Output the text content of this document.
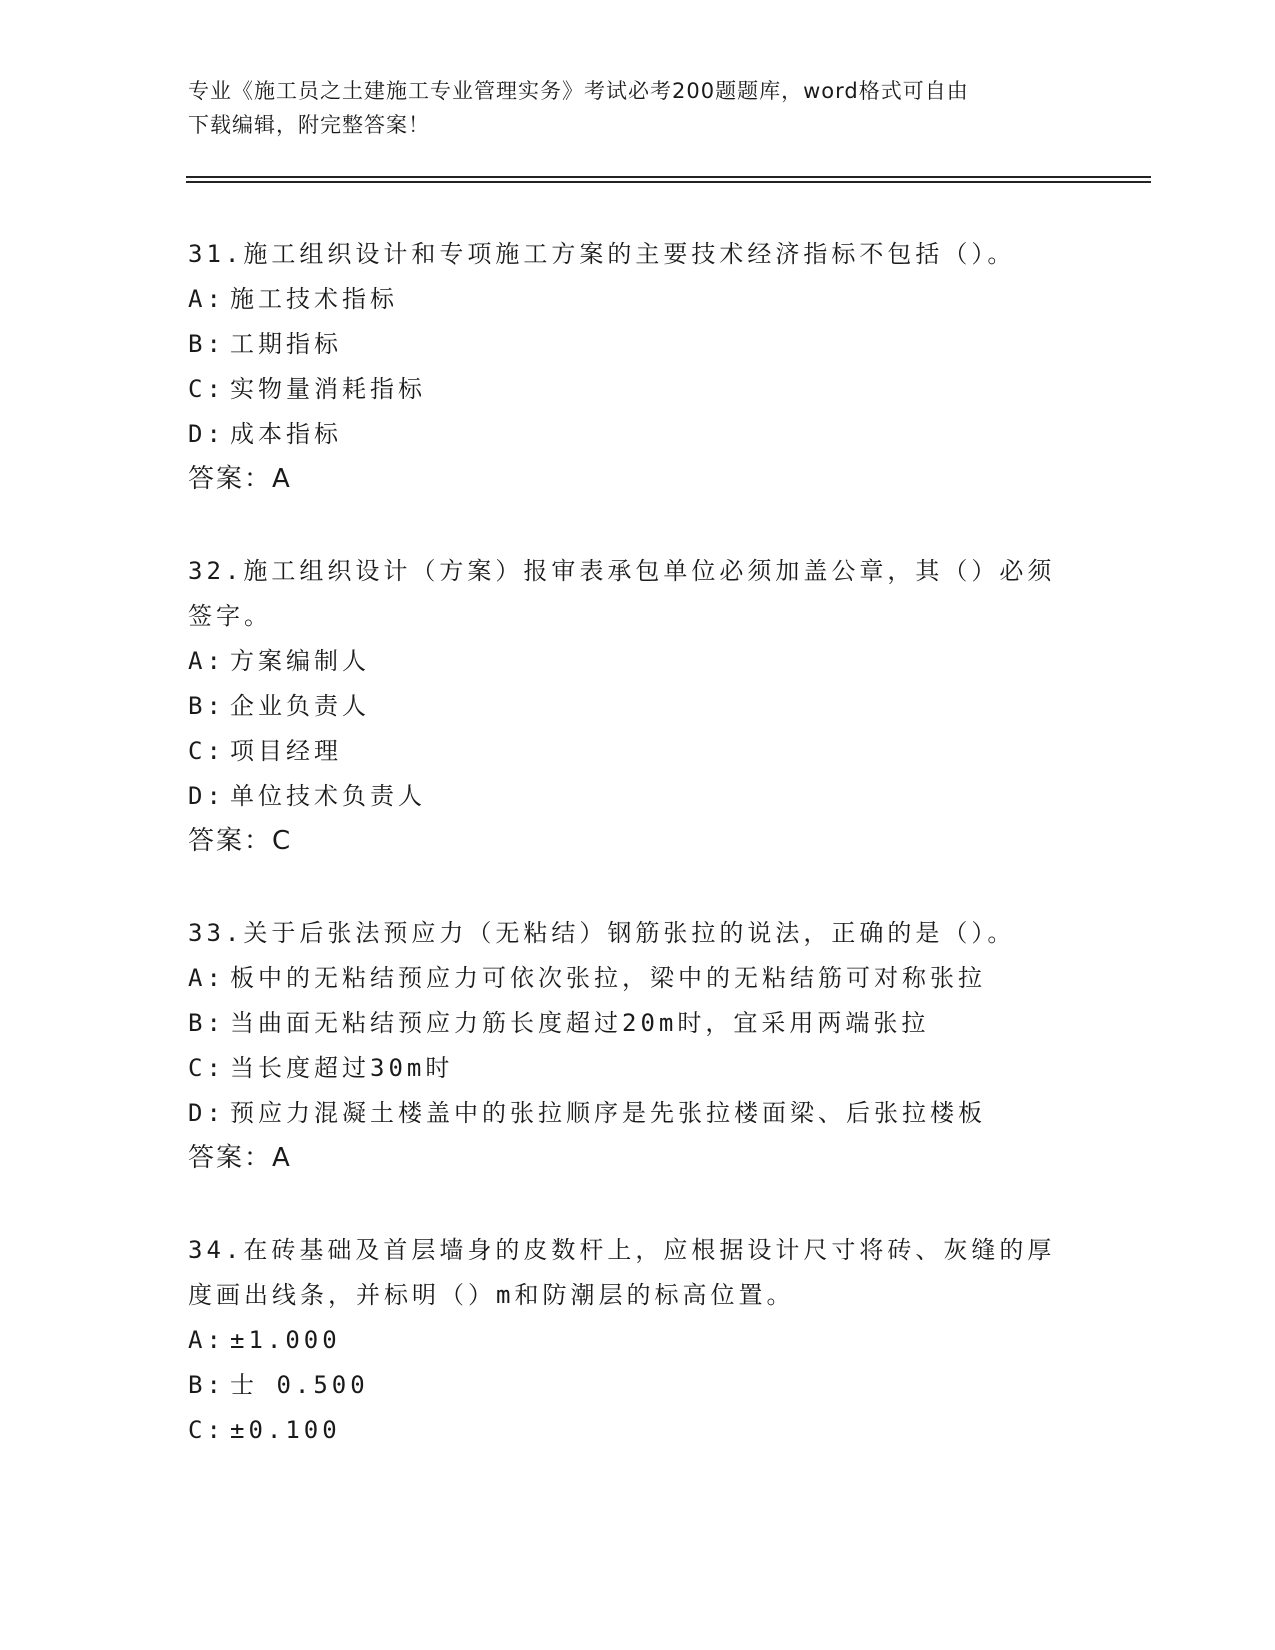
专业《施工员之土建施工专业管理实务》考试必考200题题库，word格式可自由
下载编辑，附完整答案！
31.施工组织设计和专项施工方案的主要技术经济指标不包括（）。
A: 施工技术指标
B: 工期指标
C: 实物量消耗指标
D: 成本指标
答案：A
32.施工组织设计（方案）报审表承包单位必须加盖公章，其（）必须
签字。
A: 方案编制人
B: 企业负责人
C: 项目经理
D: 单位技术负责人
答案：C
33.关于后张法预应力（无粘结）钢筋张拉的说法，正确的是（）。
A: 板中的无粘结预应力可依次张拉，梁中的无粘结筋可对称张拉
B: 当曲面无粘结预应力筋长度超过20m时，宜采用两端张拉
C: 当长度超过30m时
D: 预应力混凝土楼盖中的张拉顺序是先张拉楼面梁、后张拉楼板
答案：A
34.在砖基础及首层墙身的皮数杆上，应根据设计尺寸将砖、灰缝的厚
度画出线条，并标明（）m和防潮层的标高位置。
A: ±1.000
B: 士 0.500
C: ±0.100
